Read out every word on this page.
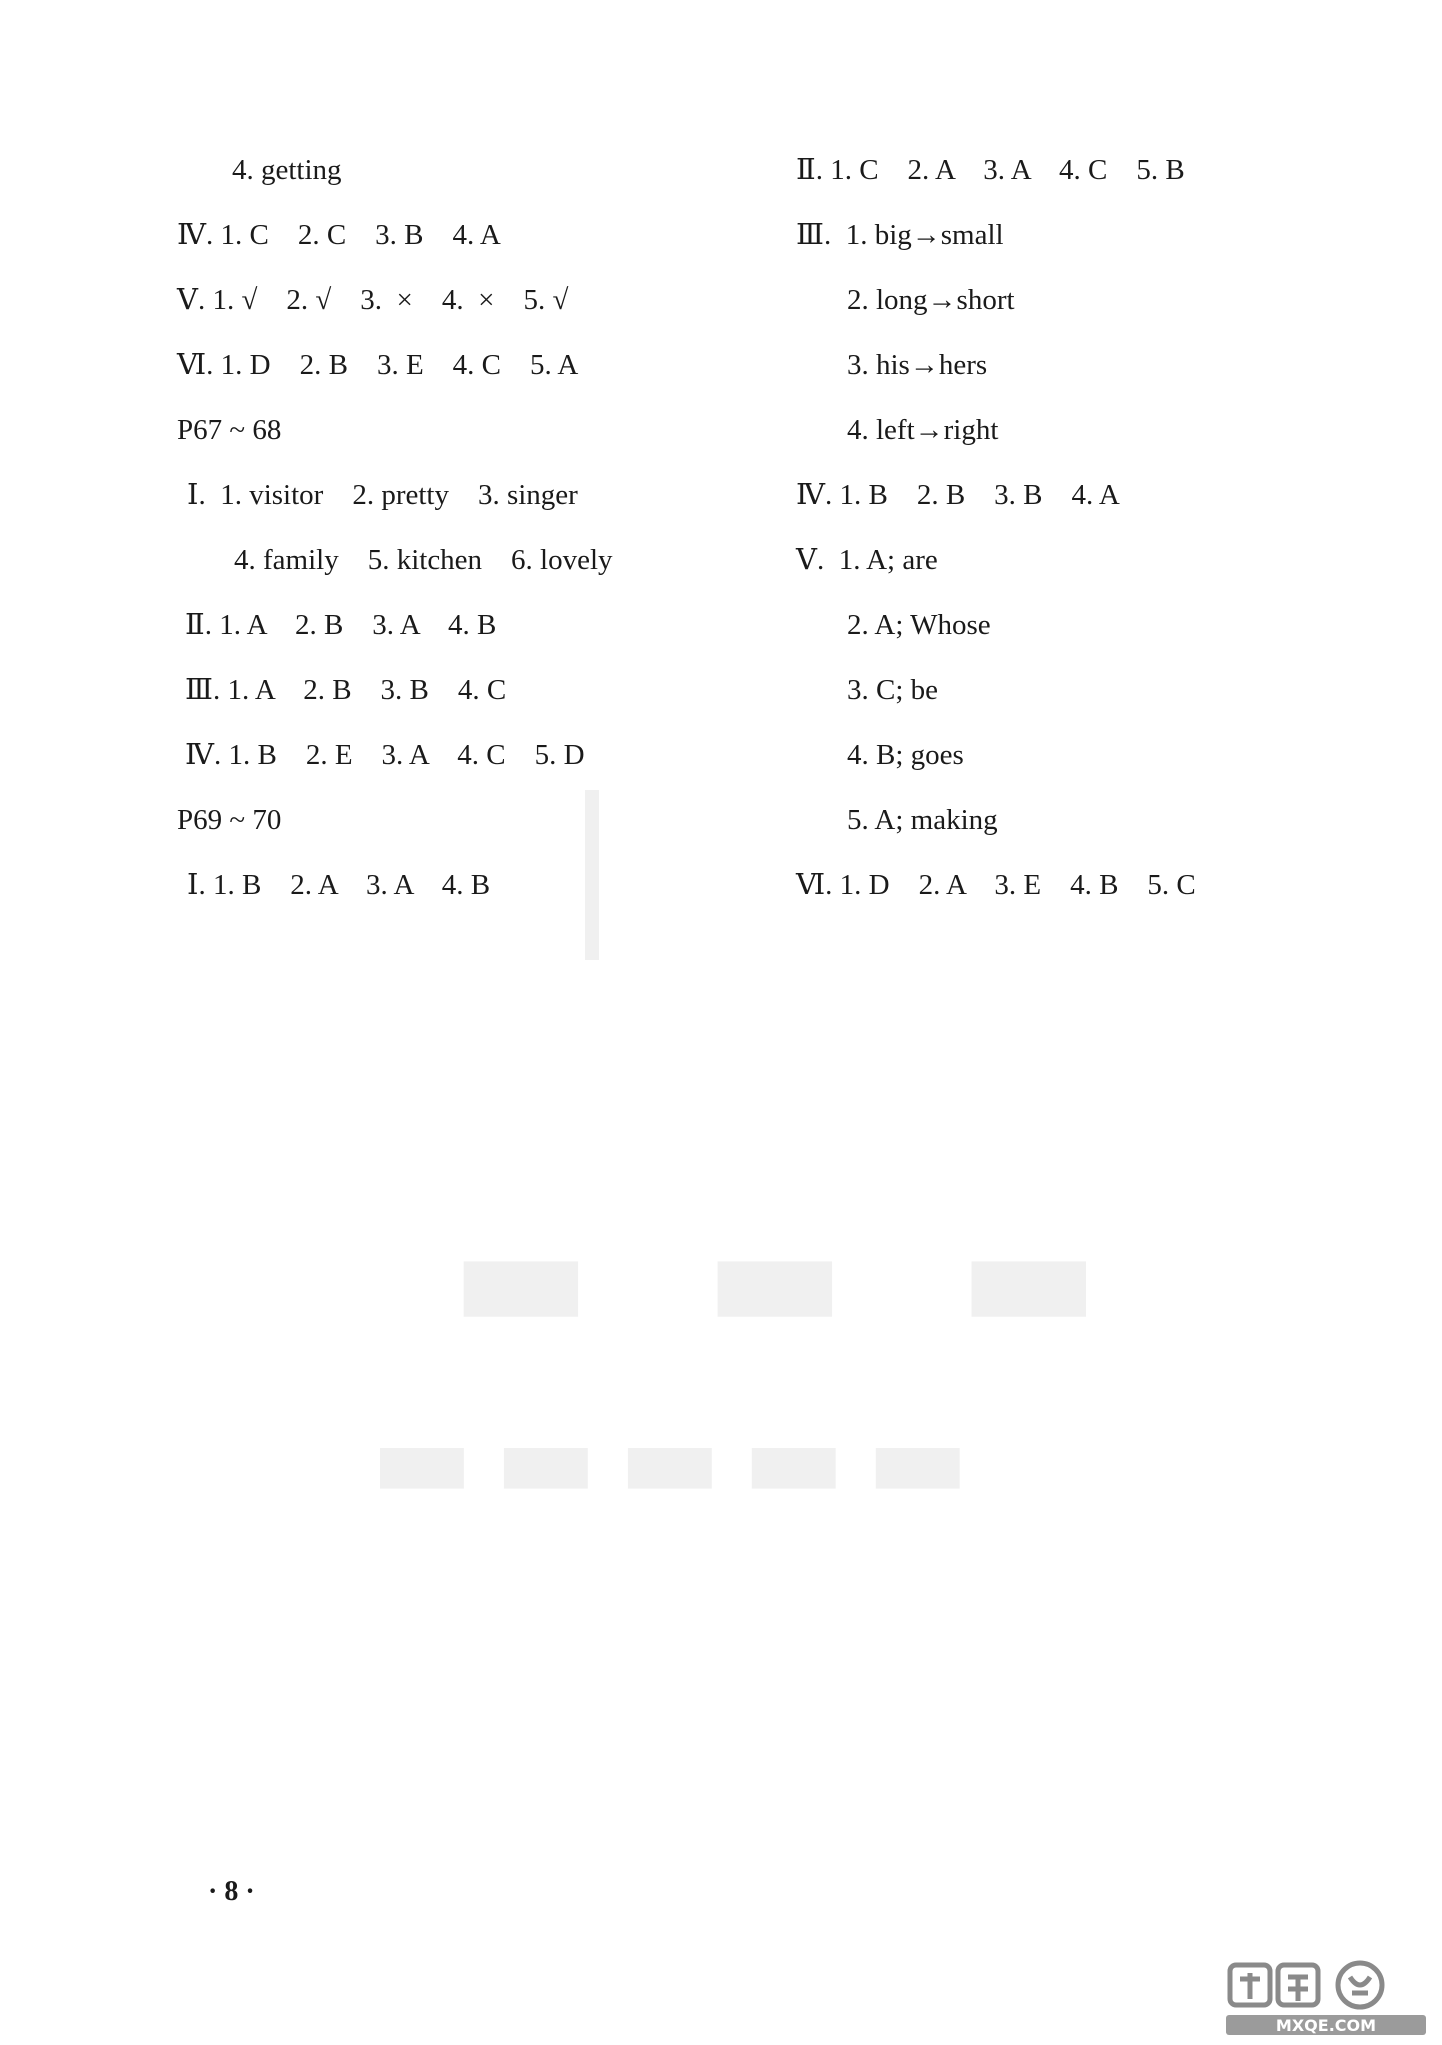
▬ ▬ ▬
▬▬▬▬▬
4. getting
Ⅳ. 1. C    2. C    3. B    4. A
Ⅴ. 1. √    2. √    3.  ×    4.  ×    5. √
Ⅵ. 1. D    2. B    3. E    4. C    5. A
P67 ~ 68
Ⅰ.  1. visitor    2. pretty    3. singer
4. family    5. kitchen    6. lovely
Ⅱ. 1. A    2. B    3. A    4. B
Ⅲ. 1. A    2. B    3. B    4. C
Ⅳ. 1. B    2. E    3. A    4. C    5. D
P69 ~ 70
Ⅰ. 1. B    2. A    3. A    4. B
Ⅱ. 1. C    2. A    3. A    4. C    5. B
Ⅲ.  1. big→small
2. long→short
3. his→hers
4. left→right
Ⅳ. 1. B    2. B    3. B    4. A
Ⅴ.  1. A; are
2. A; Whose
3. C; be
4. B; goes
5. A; making
Ⅵ. 1. D    2. A    3. E    4. B    5. C
· 8 ·
MXQE.COM
